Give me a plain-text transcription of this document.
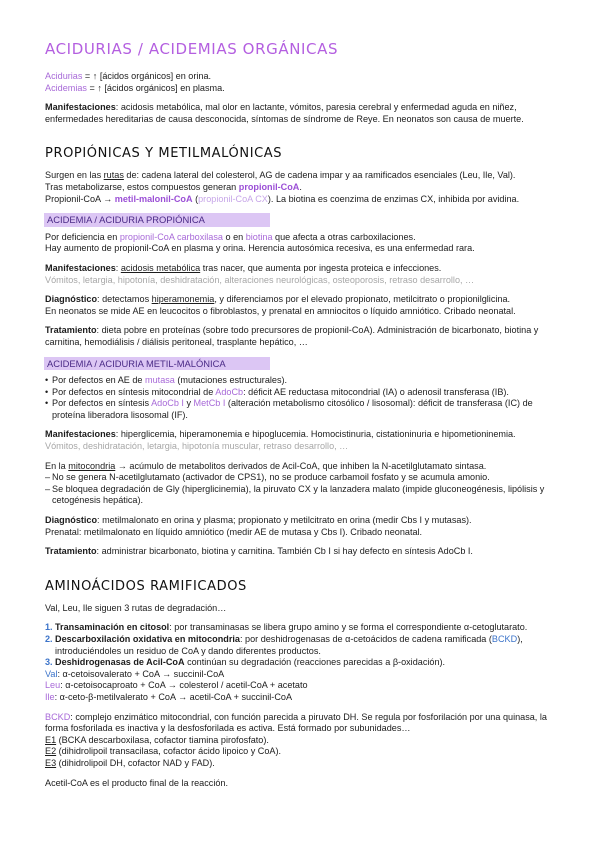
ACIDURIAS / ACIDEMIAS ORGÁNICAS

Acidurias = ↑ [ácidos orgánicos] en orina.

Acidemias = ↑ [ácidos orgánicos] en plasma.

Manifestaciones: acidosis metabólica, mal olor en lactante, vómitos, paresia cerebral y enfermedad aguda en niñez, enfermedades hereditarias de causa desconocida, síntomas de síndrome de Reye. En neonatos son causa de muerte.

PROPIÓNICAS Y METILMALÓNICAS

Surgen en las rutas de: cadena lateral del colesterol, AG de cadena impar y aa ramificados esenciales (Leu, Ile, Val).

Tras metabolizarse, estos compuestos generan propionil-CoA.

Propionil-CoA → metil-malonil-CoA (propionil-CoA CX). La biotina es coenzima de enzimas CX, inhibida por avidina.

ACIDEMIA / ACIDURIA PROPIÓNICA

Por deficiencia en propionil-CoA carboxilasa o en biotina que afecta a otras carboxilaciones.

Hay aumento de propionil-CoA en plasma y orina. Herencia autosómica recesiva, es una enfermedad rara.

Manifestaciones: acidosis metabólica tras nacer, que aumenta por ingesta proteica e infecciones.

Vómitos, letargia, hipotonía, deshidratación, alteraciones neurológicas, osteoporosis, retraso desarrollo, …

Diagnóstico: detectamos hiperamonemia, y diferenciamos por el elevado propionato, metilcitrato o propionilglicina.

En neonatos se mide AE en leucocitos o fibroblastos, y prenatal en amniocitos o líquido amniótico. Cribado neonatal.

Tratamiento: dieta pobre en proteínas (sobre todo precursores de propionil-CoA). Administración de bicarbonato, biotina y carnitina, hemodiálisis / diálisis peritoneal, trasplante hepático, …

ACIDEMIA / ACIDURIA METIL-MALÓNICA
• Por defectos en AE de mutasa (mutaciones estructurales).
• Por defectos en síntesis mitocondrial de AdoCb: déficit AE reductasa mitocondrial (IA) o adenosil transferasa (IB).
• Por defectos en síntesis AdoCb I y MetCb I (alteración metabolismo citosólico / lisosomal): déficit de transferasa (IC) de proteína liberadora lisosomal (IF).

Manifestaciones: hiperglicemia, hiperamonemia e hipoglucemia. Homocistinuria, cistationinuria e hipometioninemia.

Vómitos, deshidratación, letargia, hipotonía muscular, retraso desarrollo, …

En la mitocondria → acúmulo de metabolitos derivados de Acil-CoA, que inhiben la N-acetilglutamato sintasa.

– No se genera N-acetilglutamato (activador de CPS1), no se produce carbamoil fosfato y se acumula amonio.

– Se bloquea degradación de Gly (hiperglicinemia), la piruvato CX y la lanzadera malato (impide gluconeogénesis, lipólisis y cetogénesis hepática).

Diagnóstico: metilmalonato en orina y plasma; propionato y metilcitrato en orina (medir Cbs I y mutasas).

Prenatal: metilmalonato en líquido amniótico (medir AE de mutasa y Cbs I). Cribado neonatal.

Tratamiento: administrar bicarbonato, biotina y carnitina. También Cb I si hay defecto en síntesis AdoCb I.

AMINOÁCIDOS RAMIFICADOS

Val, Leu, Ile siguen 3 rutas de degradación…

1. Transaminación en citosol: por transaminasas se libera grupo amino y se forma el correspondiente α-cetoglutarato.
2. Descarboxilación oxidativa en mitocondria: por deshidrogenasas de α-cetoácidos de cadena ramificada (BCKD), introduciéndoles un residuo de CoA y dando diferentes productos.
3. Deshidrogenasas de Acil-CoA continúan su degradación (reacciones parecidas a β-oxidación).

Val: α-cetoisovalerato + CoA → succinil-CoA

Leu: α-cetoisocaproato + CoA → colesterol / acetil-CoA + acetato

Ile: α-ceto-β-metilvalerato + CoA → acetil-CoA + succinil-CoA

BCKD: complejo enzimático mitocondrial, con función parecida a piruvato DH. Se regula por fosforilación por una quinasa, la forma fosforilada es inactiva y la desfosforilada es activa. Está formado por subunidades…

E1 (BCKA descarboxilasa, cofactor tiamina pirofosfato).

E2 (dihidrolipoil transacilasa, cofactor ácido lipoico y CoA).

E3 (dihidrolipoil DH, cofactor NAD y FAD).

Acetil-CoA es el producto final de la reacción.
